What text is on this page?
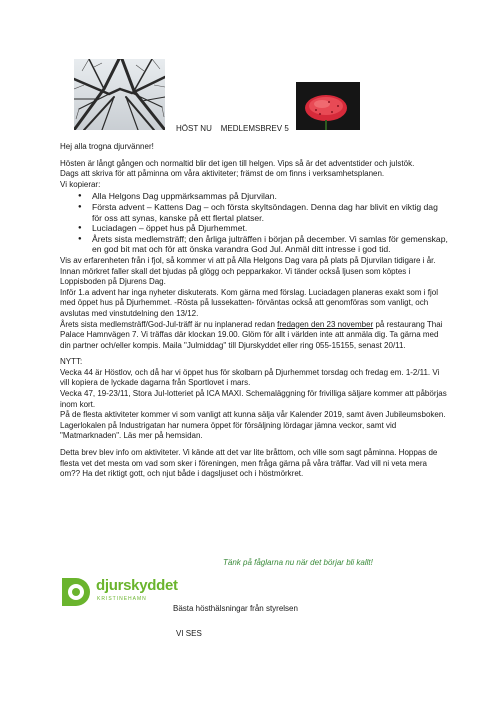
HÖST NU MEDLEMSBREV 5

Hej alla trogna djurvänner!

Hösten är långt gången och normaltid blir det igen till helgen. Vips så är det adventstider och julstök.

Dags att skriva för att påminna om våra aktiviteter; främst de om finns i verksamhetsplanen.

Vi kopierar:

● Alla Helgons Dag uppmärksammas på Djurvilan.
● Första advent – Kattens Dag – och första skyltsöndagen. Denna dag har blivit en viktig dag för oss att synas, kanske på ett flertal platser.
● Luciadagen – öppet hus på Djurhemmet.
● Årets sista medlemsträff; den årliga julträffen i början på december. Vi samlas för gemenskap, en god bit mat och för att önska varandra God Jul. Anmäl ditt intresse i god tid.

Vis av erfarenheten från i fjol, så kommer vi att på Alla Helgons Dag vara på plats på Djurvilan tidigare i år. Innan mörkret faller skall det bjudas på glögg och pepparkakor. Vi tänder också ljusen som köptes i Loppisboden på Djurens Dag.

Inför 1.a advent har inga nyheter diskuterats. Kom gärna med förslag. Luciadagen planeras exakt som i fjol med öppet hus på Djurhemmet. -Rösta på lussekatten- förväntas också att genomföras som vanligt, och avslutas med vinstutdelning den 13/12.

Årets sista medlemsträff/God-Jul-träff är nu inplanerad redan fredagen den 23 november på restaurang Thai Palace Hamnvägen 7. Vi träffas där klockan 19.00. Glöm för allt i världen inte att anmäla dig. Ta gärna med din partner och/eller kompis. Maila "Julmiddag" till Djurskyddet eller ring 055-15155, senast 20/11.

NYTT:

Vecka 44 är Höstlov, och då har vi öppet hus för skolbarn på Djurhemmet torsdag och fredag em. 1-2/11. Vi vill kopiera de lyckade dagarna från Sportlovet i mars.

Vecka 47, 19-23/11, Stora Jul-lotteriet på ICA MAXI. Schemaläggning för frivilliga säljare kommer att påbörjas inom kort.

På de flesta aktiviteter kommer vi som vanligt att kunna sälja vår Kalender 2019, samt även Jubileumsboken.

Lagerlokalen på Industrigatan har numera öppet för försäljning lördagar jämna veckor, samt vid "Matmarknaden". Läs mer på hemsidan.

Detta brev blev info om aktiviteter. Vi kände att det var lite bråttom, och ville som sagt påminna. Hoppas de flesta vet det mesta om vad som sker i föreningen, men fråga gärna på våra träffar. Vad vill ni veta mera om?? Ha det riktigt gott, och njut både i dagsljuset och i höstmörkret.

Tänk på fåglarna nu när det börjar bli kallt!
djurskyddet
KRISTINEHAMN
Bästa hösthälsningar från styrelsen
VI SES
